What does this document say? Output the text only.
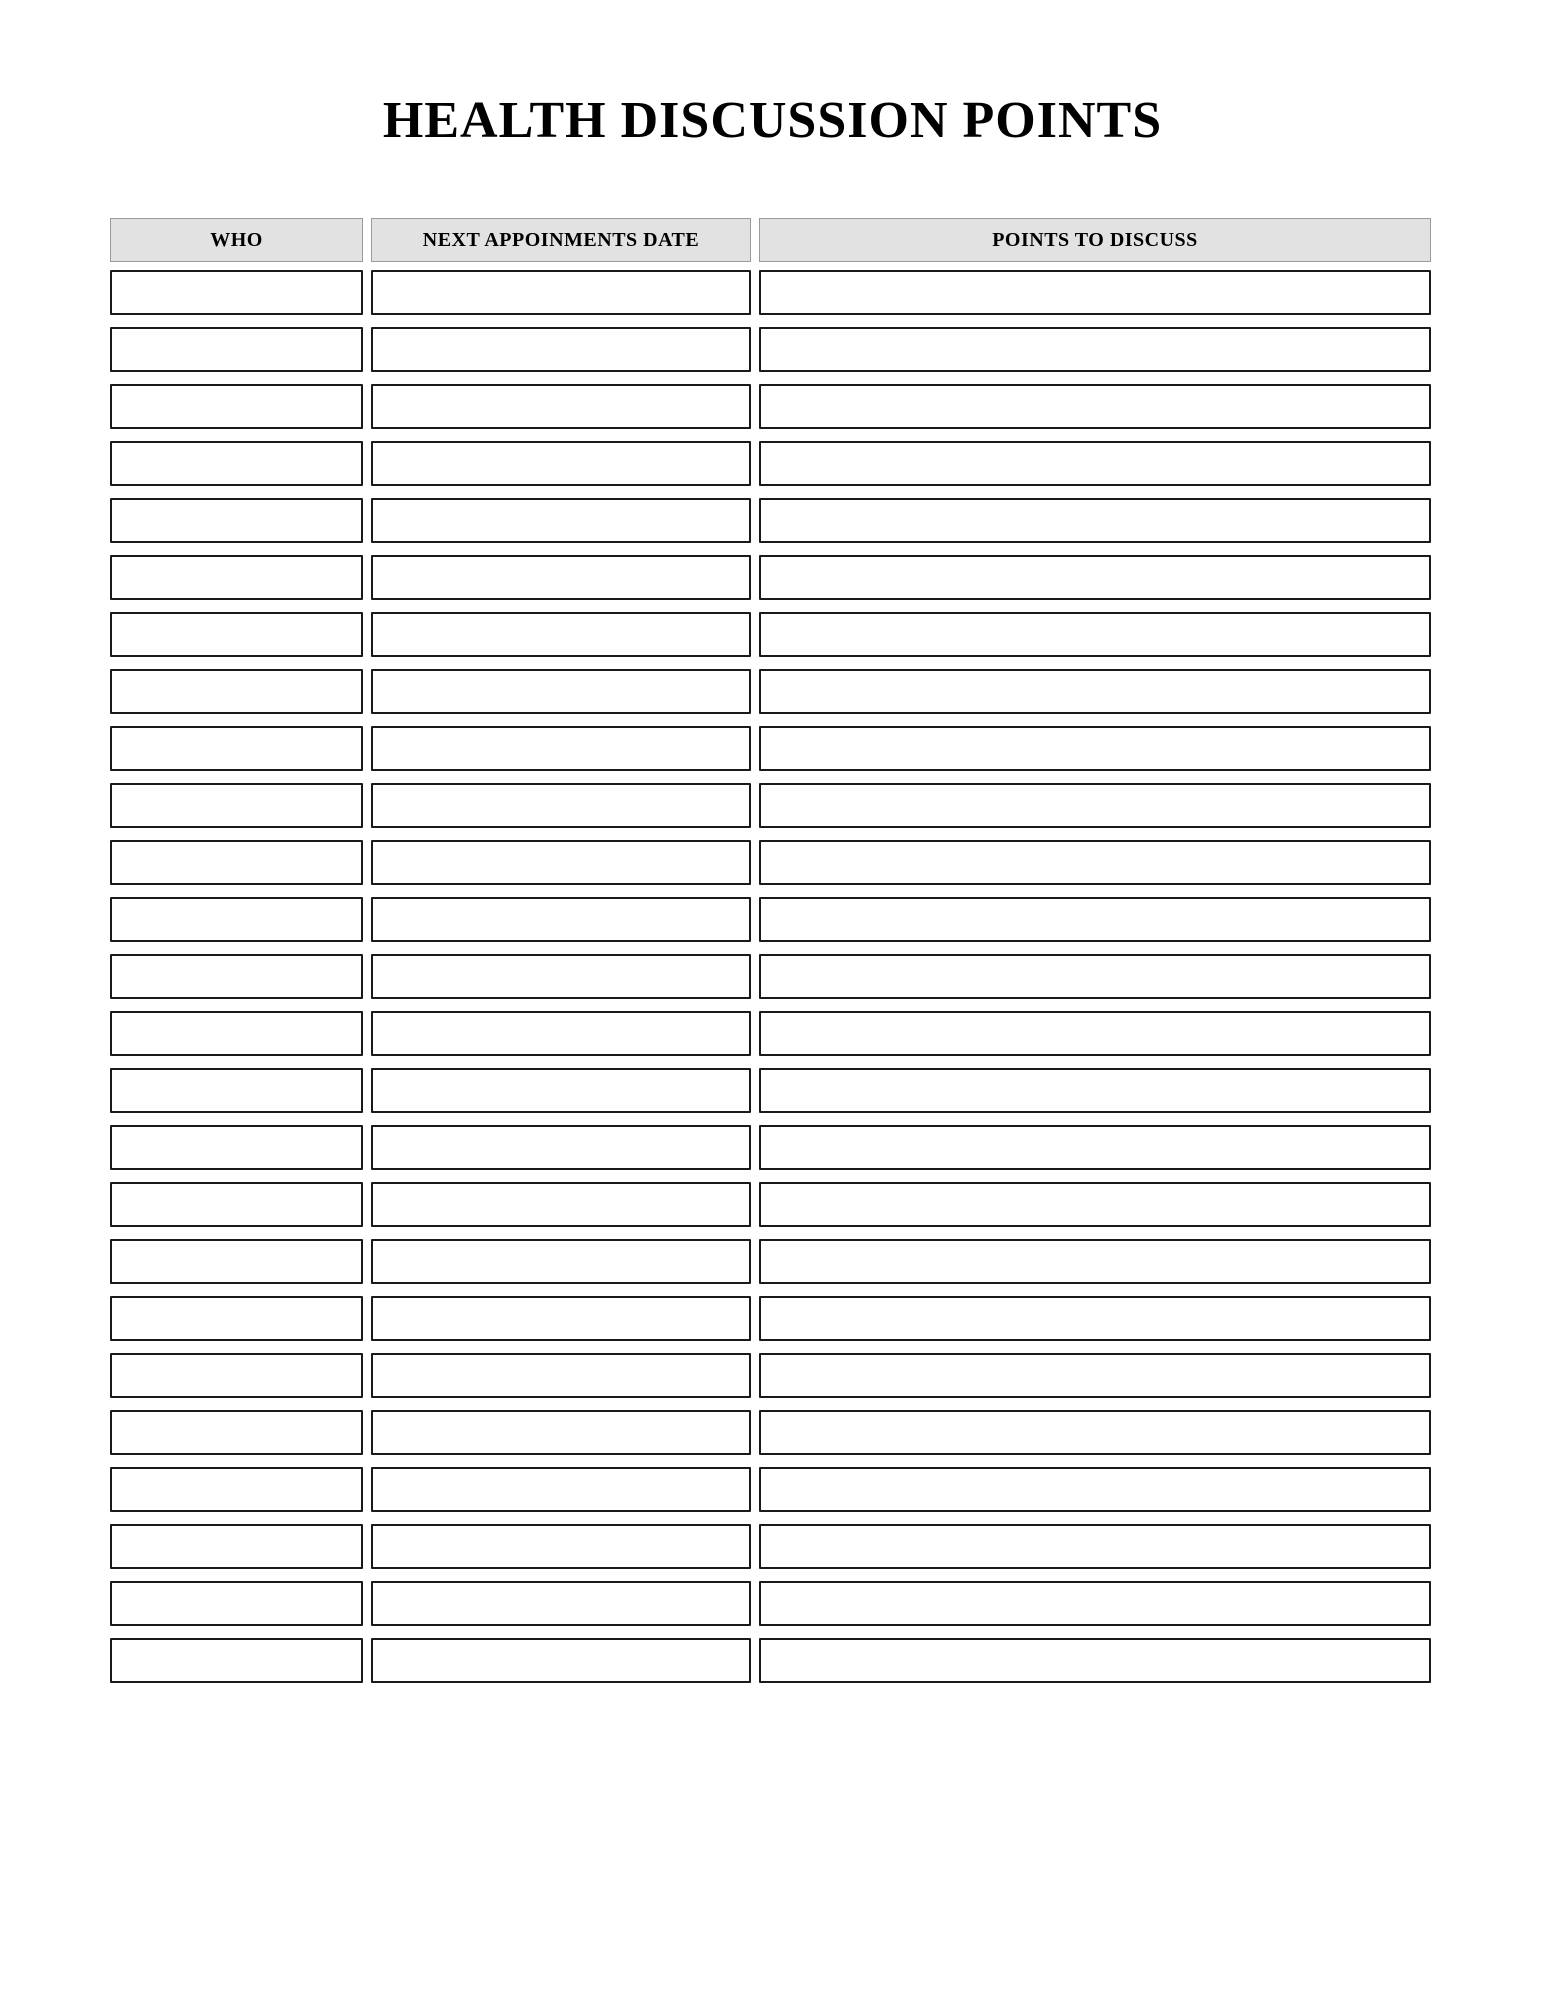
HEALTH DISCUSSION POINTS
WHO	NEXT APPOINMENTS DATE	POINTS TO DISCUSS
